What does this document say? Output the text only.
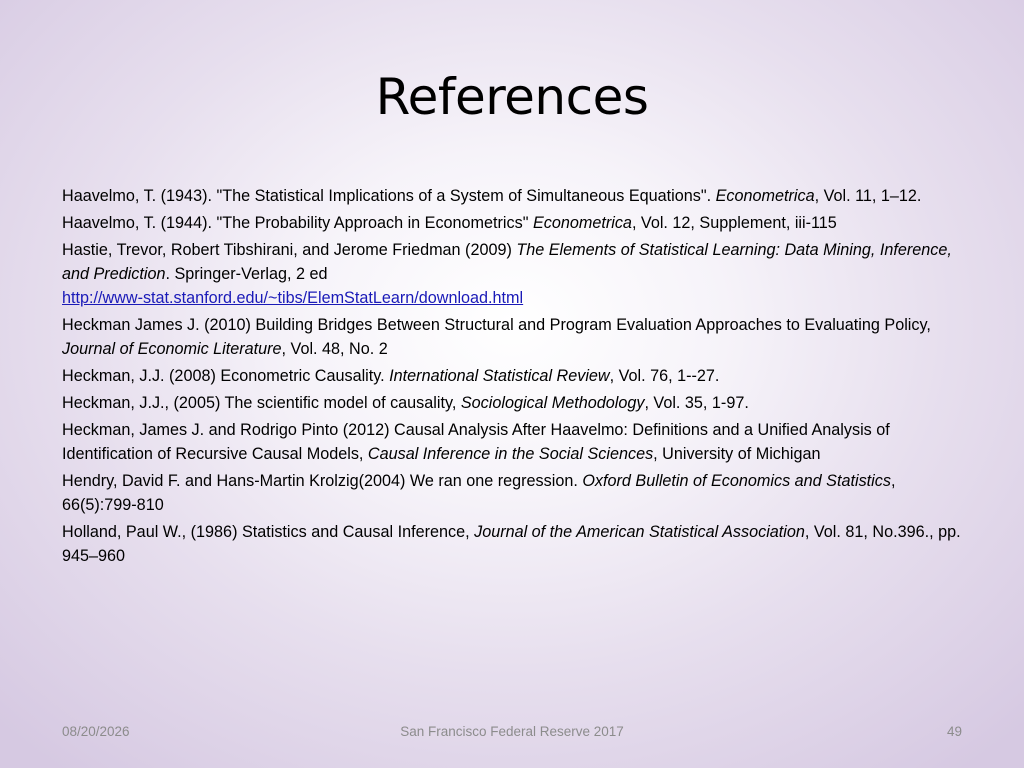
References

Haavelmo, T. (1943). "The Statistical Implications of a System of Simultaneous Equations". Econometrica, Vol. 11, 1–12.

Haavelmo, T. (1944). "The Probability Approach in Econometrics" Econometrica, Vol. 12, Supplement, iii-115

Hastie, Trevor, Robert Tibshirani, and Jerome Friedman (2009) The Elements of Statistical Learning: Data Mining, Inference, and Prediction. Springer-Verlag, 2 ed
http://www-stat.stanford.edu/~tibs/ElemStatLearn/download.html

Heckman James J. (2010) Building Bridges Between Structural and Program Evaluation Approaches to Evaluating Policy, Journal of Economic Literature, Vol. 48, No. 2

Heckman, J.J. (2008) Econometric Causality. International Statistical Review, Vol. 76, 1--27.

Heckman, J.J., (2005) The scientific model of causality, Sociological Methodology, Vol. 35, 1-97.

Heckman, James J. and Rodrigo Pinto (2012) Causal Analysis After Haavelmo: Definitions and a Unified Analysis of Identification of Recursive Causal Models, Causal Inference in the Social Sciences, University of Michigan

Hendry, David F. and Hans-Martin Krolzig(2004) We ran one regression. Oxford Bulletin of Economics and Statistics, 66(5):799-810

Holland, Paul W., (1986) Statistics and Causal Inference, Journal of the American Statistical Association, Vol. 81, No.396., pp. 945–960

08/20/2026	San Francisco Federal Reserve 2017	49
